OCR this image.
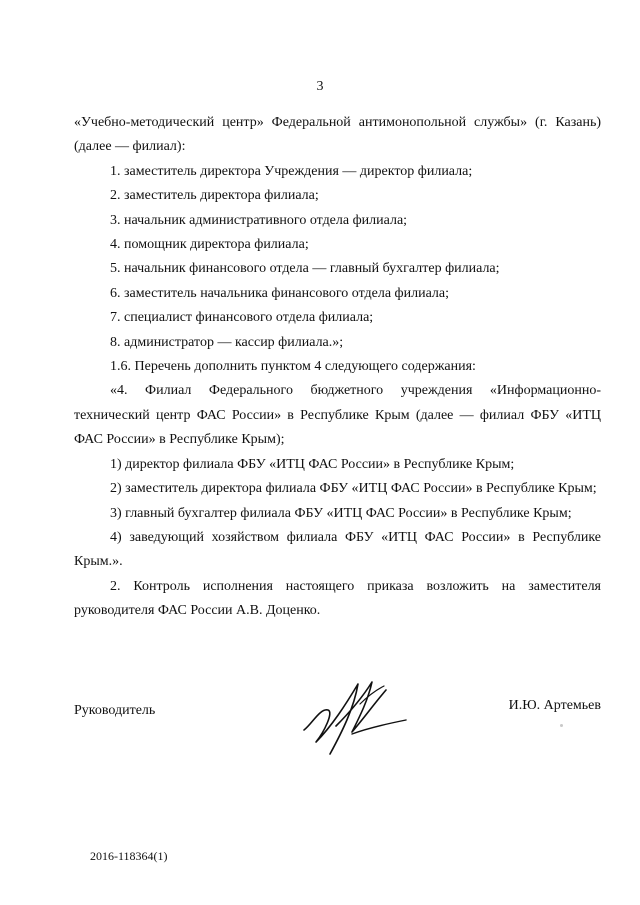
3

«Учебно-методический центр» Федеральной антимонопольной службы» (г. Казань) (далее — филиал):

1. заместитель директора Учреждения — директор филиала;

2. заместитель директора филиала;

3. начальник административного отдела филиала;

4. помощник директора филиала;

5. начальник финансового отдела — главный бухгалтер филиала;

6. заместитель начальника финансового отдела филиала;

7. специалист финансового отдела филиала;

8. администратор — кассир филиала.»;

1.6. Перечень дополнить пунктом 4 следующего содержания:

«4. Филиал Федерального бюджетного учреждения «Информационно-технический центр ФАС России» в Республике Крым (далее — филиал ФБУ «ИТЦ ФАС России» в Республике Крым);

1) директор филиала ФБУ «ИТЦ ФАС России» в Республике Крым;

2) заместитель директора филиала ФБУ «ИТЦ ФАС России» в Республике Крым;

3) главный бухгалтер филиала ФБУ «ИТЦ ФАС России» в Республике Крым;

4) заведующий хозяйством филиала ФБУ «ИТЦ ФАС России» в Республике Крым.».

2. Контроль исполнения настоящего приказа возложить на заместителя руководителя ФАС России А.В. Доценко.

Руководитель	И.Ю. Артемьев
2016-118364(1)
